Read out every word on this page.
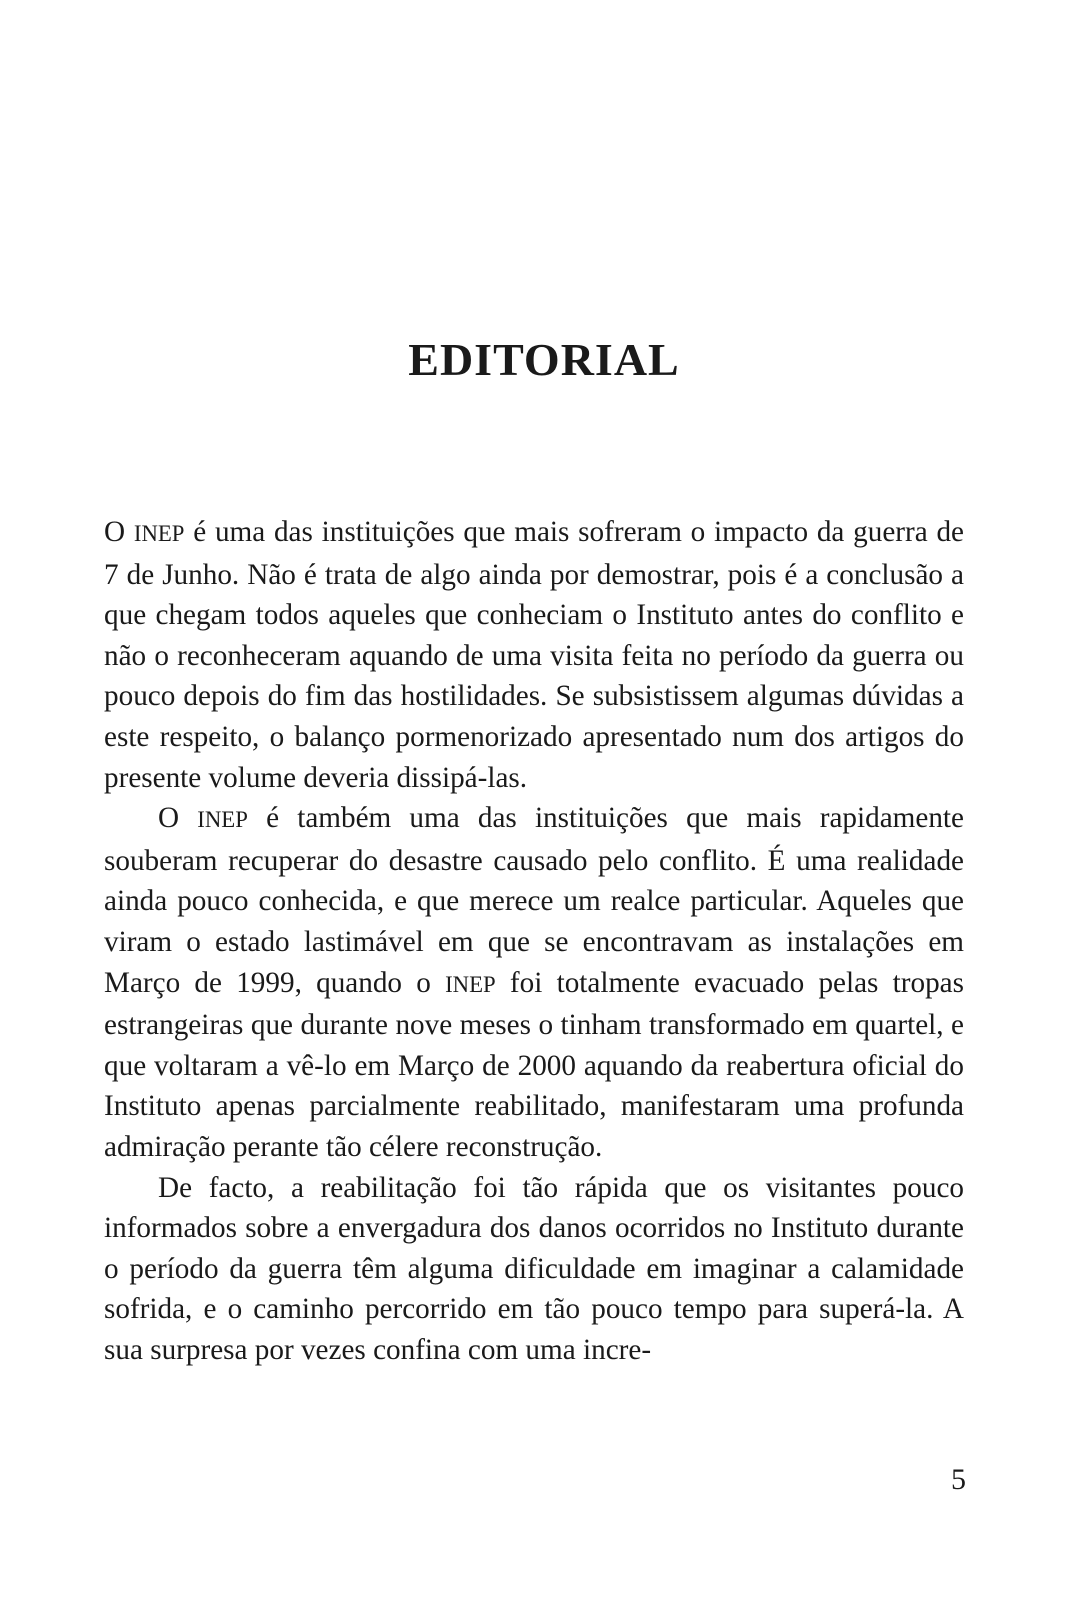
EDITORIAL

O INEP é uma das instituições que mais sofreram o impacto da guerra de 7 de Junho. Não é trata de algo ainda por demostrar, pois é a conclusão a que chegam todos aqueles que conheciam o Instituto antes do conflito e não o reconheceram aquando de uma visita feita no período da guerra ou pouco depois do fim das hostilidades. Se subsistissem algumas dúvidas a este respeito, o balanço pormenorizado apresentado num dos artigos do presente volume deveria dissipá-las.

O INEP é também uma das instituições que mais rapidamente souberam recuperar do desastre causado pelo conflito. É uma realidade ainda pouco conhecida, e que merece um realce particular. Aqueles que viram o estado lastimável em que se encontravam as instalações em Março de 1999, quando o INEP foi totalmente evacuado pelas tropas estrangeiras que durante nove meses o tinham transformado em quartel, e que voltaram a vê-lo em Março de 2000 aquando da reabertura oficial do Instituto apenas parcialmente reabilitado, manifestaram uma profunda admiração perante tão célere reconstrução.

De facto, a reabilitação foi tão rápida que os visitantes pouco informados sobre a envergadura dos danos ocorridos no Instituto durante o período da guerra têm alguma dificuldade em imaginar a calamidade sofrida, e o caminho percorrido em tão pouco tempo para superá-la. A sua surpresa por vezes confina com uma incre-

5
